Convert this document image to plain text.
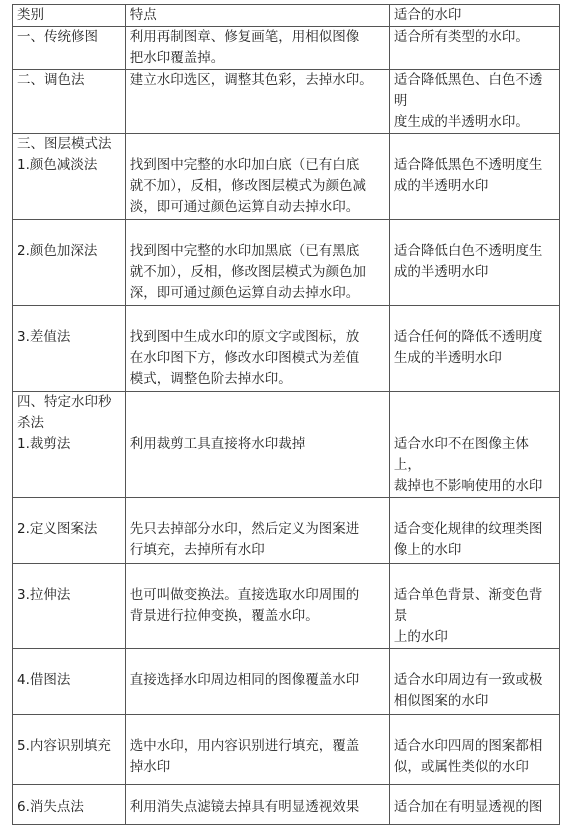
类别	特点	适合的水印
一、传统修图	利用再制图章、修复画笔，用相似图像
把水印覆盖掉。	适合所有类型的水印。
二、调色法	建立水印选区，调整其色彩，去掉水印。	适合降低黑色、白色不透明
度生成的半透明水印。
三、图层模式法
1.颜色减淡法	找到图中完整的水印加白底（已有白底
就不加），反相，修改图层模式为颜色减
淡，即可通过颜色运算自动去掉水印。	适合降低黑色不透明度生
成的半透明水印

2.颜色加深法	找到图中完整的水印加黑底（已有黑底
就不加），反相，修改图层模式为颜色加
深，即可通过颜色运算自动去掉水印。	适合降低白色不透明度生
成的半透明水印

3.差值法	找到图中生成水印的原文字或图标，放
在水印图下方，修改水印图模式为差值
模式，调整色阶去掉水印。	适合任何的降低不透明度
生成的半透明水印

四、特定水印秒
杀法

1.裁剪法	利用裁剪工具直接将水印裁掉	适合水印不在图像主体上，
裁掉也不影响使用的水印

2.定义图案法	先只去掉部分水印，然后定义为图案进
行填充，去掉所有水印	适合变化规律的纹理类图
像上的水印

3.拉伸法	也可叫做变换法。直接选取水印周围的
背景进行拉伸变换，覆盖水印。	适合单色背景、渐变色背景
上的水印

4.借图法	直接选择水印周边相同的图像覆盖水印	适合水印周边有一致或极
相似图案的水印

5.内容识别填充	选中水印，用内容识别进行填充，覆盖
掉水印	适合水印四周的图案都相
似，或属性类似的水印

6.消失点法	利用消失点滤镜去掉具有明显透视效果	适合加在有明显透视的图
